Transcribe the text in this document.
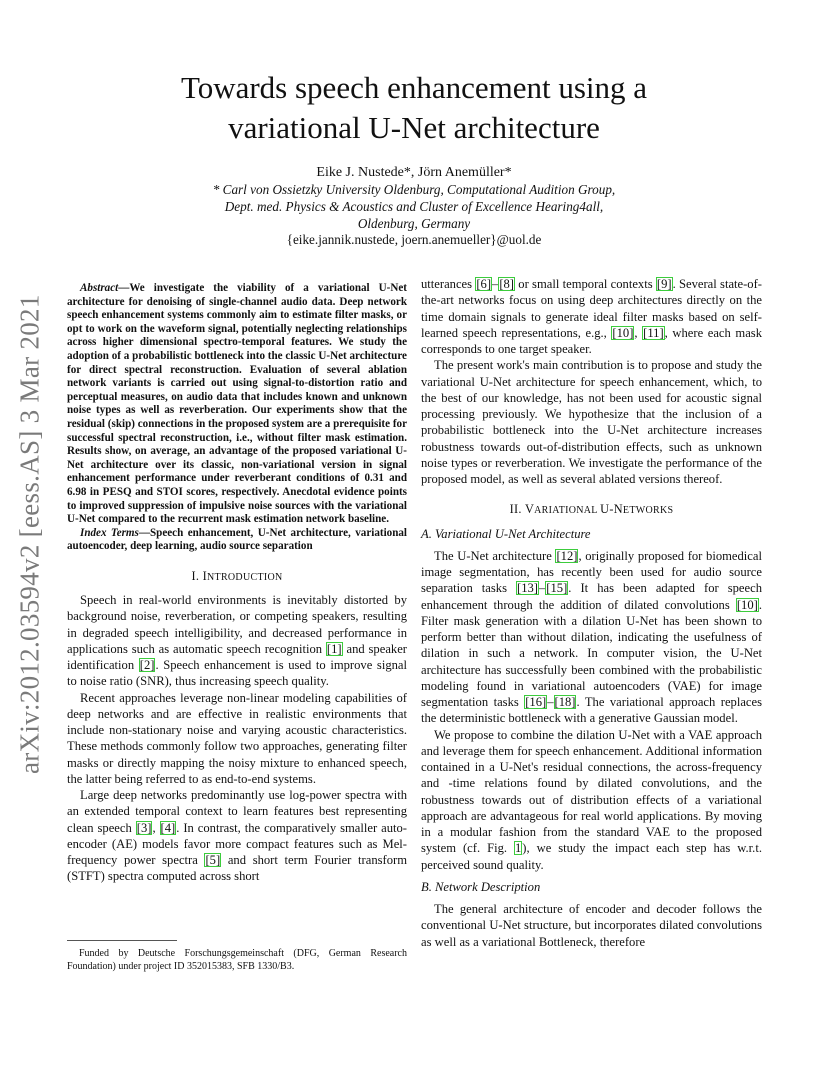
arXiv:2012.03594v2 [eess.AS] 3 Mar 2021
Towards speech enhancement using a
variational U-Net architecture
Eike J. Nustede*, Jörn Anemüller*
* Carl von Ossietzky University Oldenburg, Computational Audition Group,
Dept. med. Physics & Acoustics and Cluster of Excellence Hearing4all,
Oldenburg, Germany
{eike.jannik.nustede, joern.anemueller}@uol.de

Abstract—We investigate the viability of a variational U-Net architecture for denoising of single-channel audio data. Deep network speech enhancement systems commonly aim to estimate filter masks, or opt to work on the waveform signal, potentially neglecting relationships across higher dimensional spectro-temporal features. We study the adoption of a probabilistic bottleneck into the classic U-Net architecture for direct spectral reconstruction. Evaluation of several ablation network variants is carried out using signal-to-distortion ratio and perceptual measures, on audio data that includes known and unknown noise types as well as reverberation. Our experiments show that the residual (skip) connections in the proposed system are a prerequisite for successful spectral reconstruction, i.e., without filter mask estimation. Results show, on average, an advantage of the proposed variational U-Net architecture over its classic, non-variational version in signal enhancement performance under reverberant conditions of 0.31 and 6.98 in PESQ and STOI scores, respectively. Anecdotal evidence points to improved suppression of impulsive noise sources with the variational U-Net compared to the recurrent mask estimation network baseline.

Index Terms—Speech enhancement, U-Net architecture, variational autoencoder, deep learning, audio source separation

I. INTRODUCTION

Speech in real-world environments is inevitably distorted by background noise, reverberation, or competing speakers, resulting in degraded speech intelligibility, and decreased performance in applications such as automatic speech recognition [1] and speaker identification [2]. Speech enhancement is used to improve signal to noise ratio (SNR), thus increasing speech quality.

Recent approaches leverage non-linear modeling capabilities of deep networks and are effective in realistic environments that include non-stationary noise and varying acoustic characteristics. These methods commonly follow two approaches, generating filter masks or directly mapping the noisy mixture to enhanced speech, the latter being referred to as end-to-end systems.

Large deep networks predominantly use log-power spectra with an extended temporal context to learn features best representing clean speech [3], [4]. In contrast, the comparatively smaller auto-encoder (AE) models favor more compact features such as Mel-frequency power spectra [5] and short term Fourier transform (STFT) spectra computed across short

Funded by Deutsche Forschungsgemeinschaft (DFG, German Research Foundation) under project ID 352015383, SFB 1330/B3.

utterances [6]–[8] or small temporal contexts [9]. Several state-of-the-art networks focus on using deep architectures directly on the time domain signals to generate ideal filter masks based on self-learned speech representations, e.g., [10], [11], where each mask corresponds to one target speaker.

The present work's main contribution is to propose and study the variational U-Net architecture for speech enhancement, which, to the best of our knowledge, has not been used for acoustic signal processing previously. We hypothesize that the inclusion of a probabilistic bottleneck into the U-Net architecture increases robustness towards out-of-distribution effects, such as unknown noise types or reverberation. We investigate the performance of the proposed model, as well as several ablated versions thereof.

II. VARIATIONAL U-NETWORKS
A. Variational U-Net Architecture

The U-Net architecture [12], originally proposed for biomedical image segmentation, has recently been used for audio source separation tasks [13]–[15]. It has been adapted for speech enhancement through the addition of dilated convolutions [10]. Filter mask generation with a dilation U-Net has been shown to perform better than without dilation, indicating the usefulness of dilation in such a network. In computer vision, the U-Net architecture has successfully been combined with the probabilistic modeling found in variational autoencoders (VAE) for image segmentation tasks [16]–[18]. The variational approach replaces the deterministic bottleneck with a generative Gaussian model.

We propose to combine the dilation U-Net with a VAE approach and leverage them for speech enhancement. Additional information contained in a U-Net's residual connections, the across-frequency and -time relations found by dilated convolutions, and the robustness towards out of distribution effects of a variational approach are advantageous for real world applications. By moving in a modular fashion from the standard VAE to the proposed system (cf. Fig. 1), we study the impact each step has w.r.t. perceived sound quality.

B. Network Description

The general architecture of encoder and decoder follows the conventional U-Net structure, but incorporates dilated convolutions as well as a variational Bottleneck, therefore
